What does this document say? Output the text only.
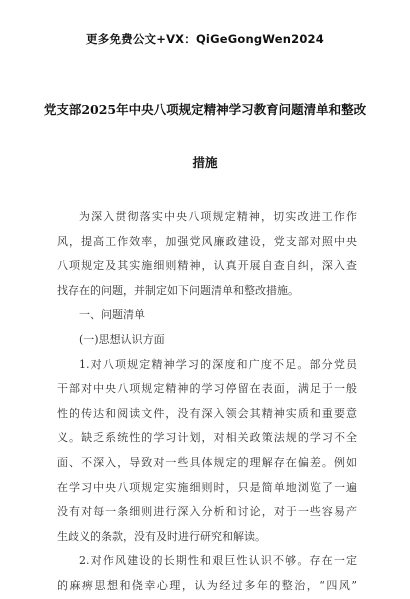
更多免费公文+VX：QiGeGongWen2024
党支部2025年中央八项规定精神学习教育问题清单和整改
措施
为深入贯彻落实中央八项规定精神，切实改进工作作
风，提高工作效率，加强党风廉政建设，党支部对照中央
八项规定及其实施细则精神，认真开展自查自纠，深入查
找存在的问题，并制定如下问题清单和整改措施。
一、问题清单
(一)思想认识方面
1.对八项规定精神学习的深度和广度不足。部分党员
干部对中央八项规定精神的学习停留在表面，满足于一般
性的传达和阅读文件，没有深入领会其精神实质和重要意
义。缺乏系统性的学习计划，对相关政策法规的学习不全
面、不深入，导致对一些具体规定的理解存在偏差。例如
在学习中央八项规定实施细则时，只是简单地浏览了一遍
没有对每一条细则进行深入分析和讨论，对于一些容易产
生歧义的条款，没有及时进行研究和解读。
2.对作风建设的长期性和艰巨性认识不够。存在一定
的麻痹思想和侥幸心理，认为经过多年的整治，“四风”
